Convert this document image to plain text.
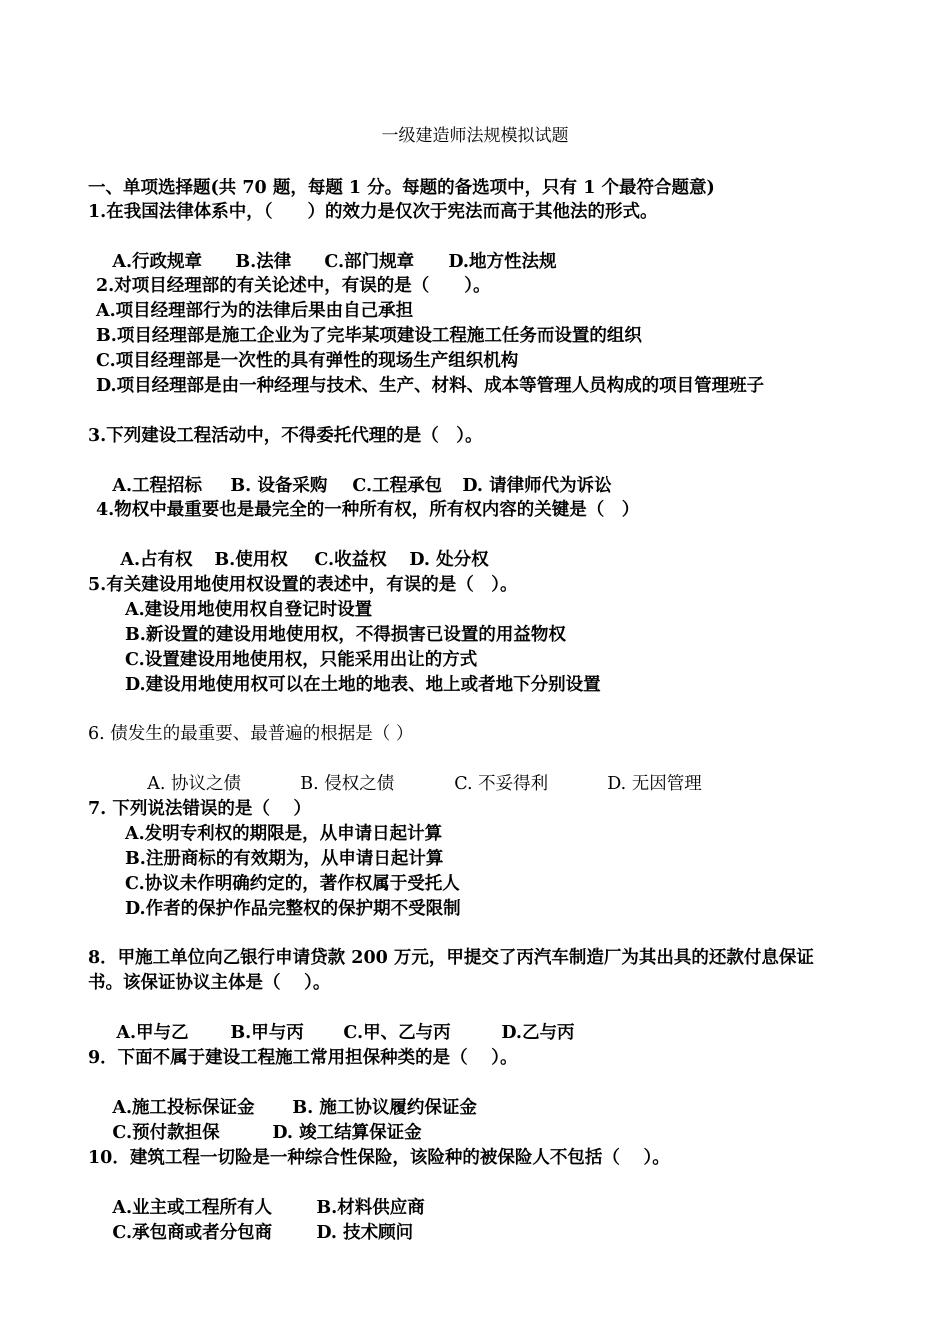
一级建造师法规模拟试题
一、单项选择题(共 70 题，每题 1 分。每题的备选项中，只有 1 个最符合题意)
1.在我国法律体系中，（　　）的效力是仅次于宪法而高于其他法的形式。

A.行政规章 B.法律 C.部门规章 D.地方性法规

2.对项目经理部的有关论述中，有误的是（　　）。
A.项目经理部行为的法律后果由自己承担
B.项目经理部是施工企业为了完毕某项建设工程施工任务而设置的组织
C.项目经理部是一次性的具有弹性的现场生产组织机构
D.项目经理部是由一种经理与技术、生产、材料、成本等管理人员构成的项目管理班子
3.下列建设工程活动中，不得委托代理的是（　）。

A.工程招标 B. 设备采购 C.工程承包 D. 请律师代为诉讼

4.物权中最重要也是最完全的一种所有权，所有权内容的关键是（　）

A.占有权 B.使用权 C.收益权 D. 处分权

5.有关建设用地使用权设置的表述中，有误的是（　）。
A.建设用地使用权自登记时设置
B.新设置的建设用地使用权，不得损害已设置的用益物权
C.设置建设用地使用权，只能采用出让的方式
D.建设用地使用权可以在土地的地表、地上或者地下分别设置
6. 债发生的最重要、最普遍的根据是（ ）

A. 协议之债	B. 侵权之债	C. 不妥得利	D. 无因管理

7. 下列说法错误的是（　 ）
A.发明专利权的期限是，从申请日起计算
B.注册商标的有效期为，从申请日起计算
C.协议未作明确约定的，著作权属于受托人
D.作者的保护作品完整权的保护期不受限制
8．甲施工单位向乙银行申请贷款 200 万元，甲提交了丙汽车制造厂为其出具的还款付息保证
书。该保证协议主体是（　 ）。

A.甲与乙 B.甲与丙 C.甲、乙与丙	D.乙与丙

9．下面不属于建设工程施工常用担保种类的是（　 ）。

A.施工投标保证金 B. 施工协议履约保证金

C.预付款担保	D. 竣工结算保证金

10．建筑工程一切险是一种综合性保险，该险种的被保险人不包括（　 ）。

A.业主或工程所有人	B.材料供应商

C.承包商或者分包商	D. 技术顾问
